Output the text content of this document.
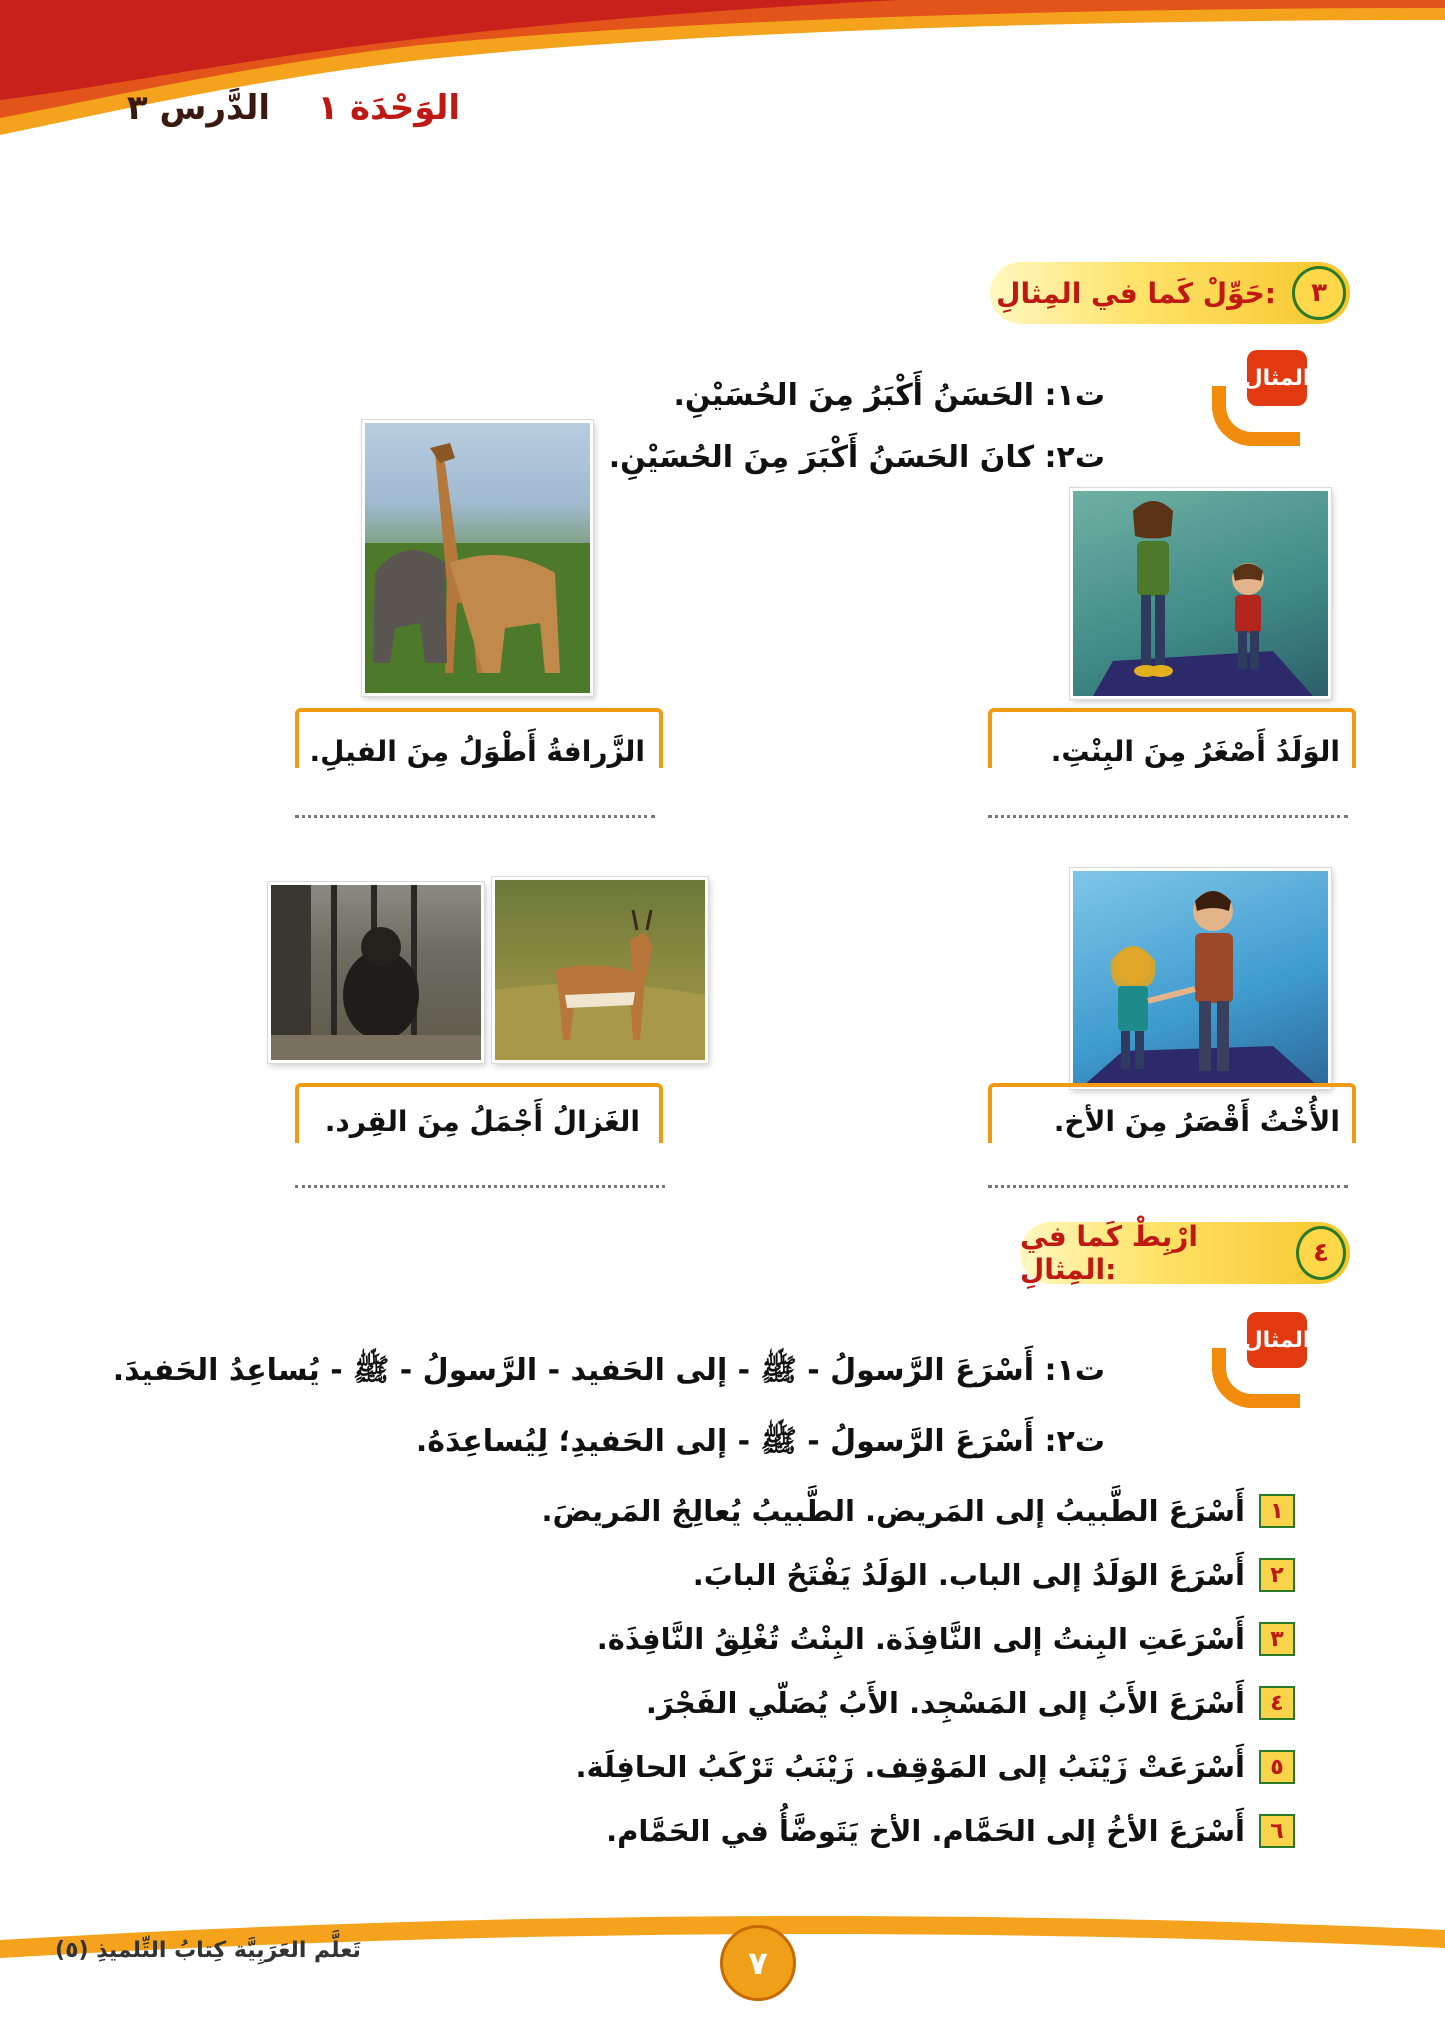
الوَحْدَة ١    الدَّرس ٣
٣
حَوِّلْ كَما في المِثالِ:
المثال
ت١: الحَسَنُ أَكْبَرُ مِنَ الحُسَيْنِ.
ت٢: كانَ الحَسَنُ أَكْبَرَ مِنَ الحُسَيْنِ.
الوَلَدُ أَصْغَرُ مِنَ البِنْتِ.
الزَّرافةُ أَطْوَلُ مِنَ الفيلِ.
الأُخْتُ أَقْصَرُ مِنَ الأخ.
الغَزالُ أَجْمَلُ مِنَ القِرد.
٤
ارْبِطْ كَما في المِثالِ:
المثال
ت١: أَسْرَعَ الرَّسولُ - ﷺ - إلى الحَفيد - الرَّسولُ - ﷺ - يُساعِدُ الحَفيدَ.
ت٢: أَسْرَعَ الرَّسولُ - ﷺ - إلى الحَفيدِ؛ لِيُساعِدَهُ.
١
أَسْرَعَ الطَّبيبُ إلى المَريض. الطَّبيبُ يُعالِجُ المَريضَ.
٢
أَسْرَعَ الوَلَدُ إلى الباب. الوَلَدُ يَفْتَحُ البابَ.
٣
أَسْرَعَتِ البِنتُ إلى النَّافِذَة. البِنْتُ تُغْلِقُ النَّافِذَة.
٤
أَسْرَعَ الأَبُ إلى المَسْجِد. الأَبُ يُصَلّي الفَجْرَ.
٥
أَسْرَعَتْ زَيْنَبُ إلى المَوْقِف. زَيْنَبُ تَرْكَبُ الحافِلَة.
٦
أَسْرَعَ الأخُ إلى الحَمَّام. الأخ يَتَوضَّأُ في الحَمَّام.
٧
تَعلَّم العَرَبِيَّة كِتابُ التِّلميذِ (٥)
